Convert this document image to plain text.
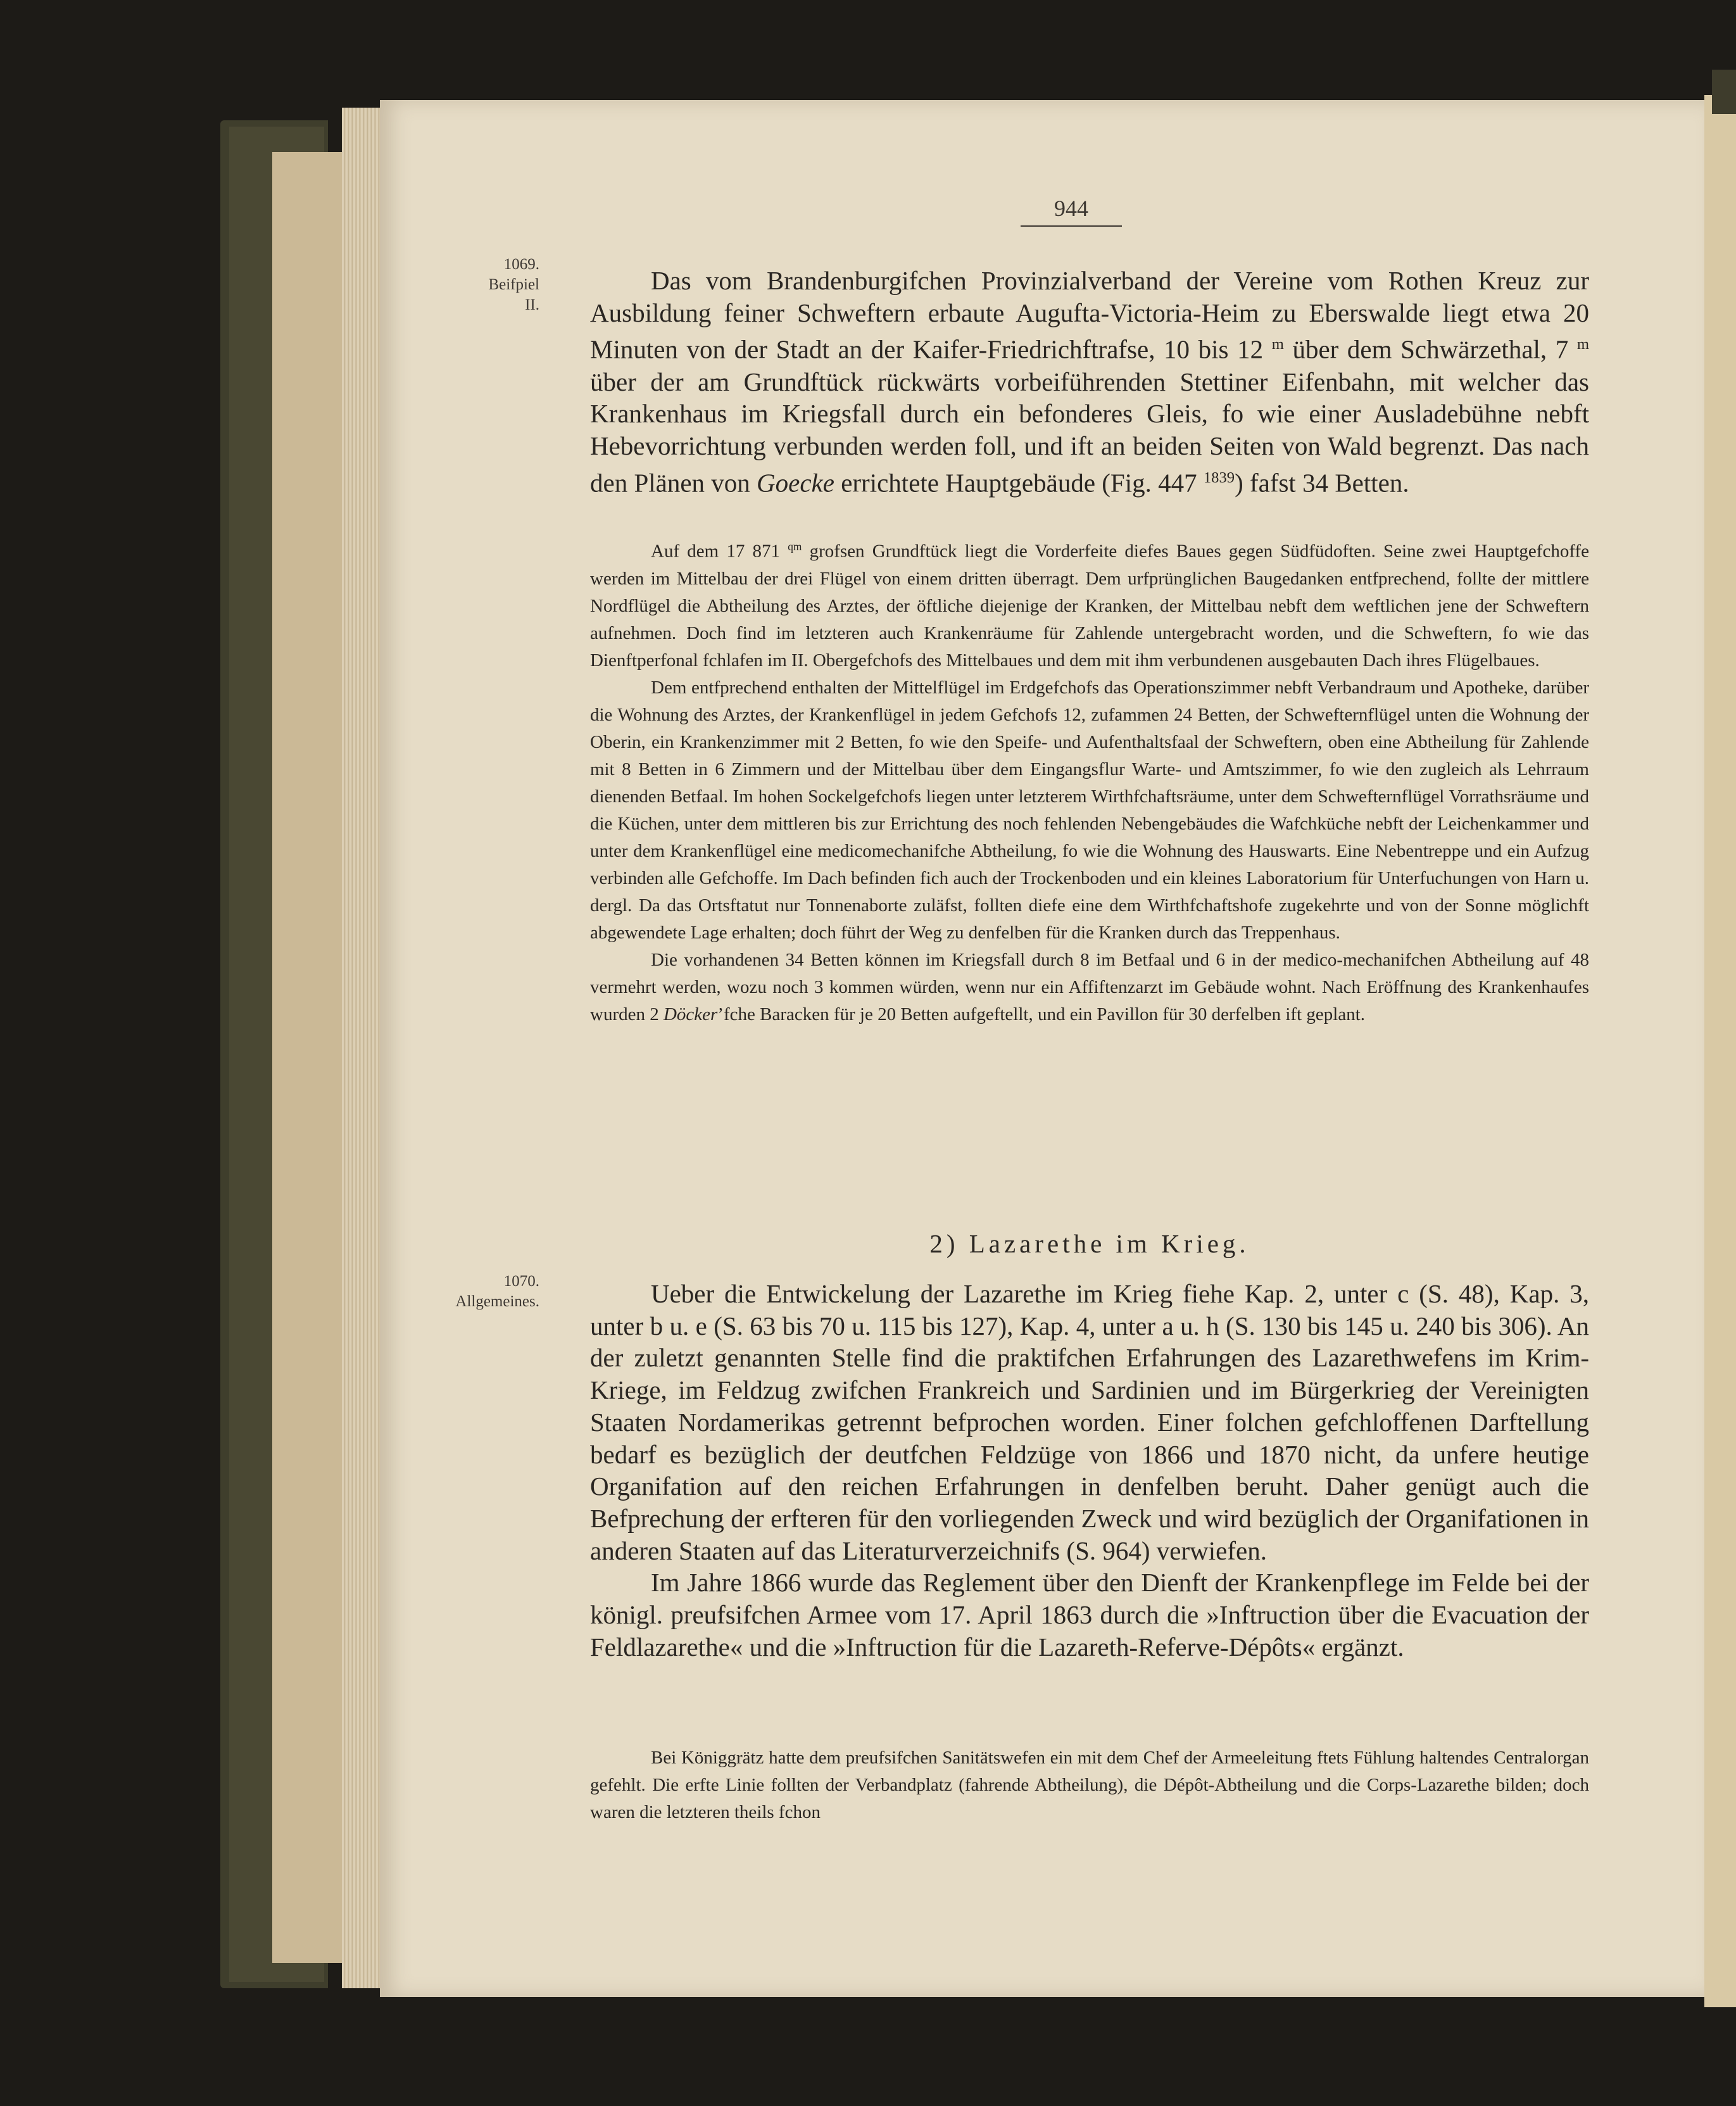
944
1069.
Beifpiel
II.
1070.
Allgemeines.

Das vom Brandenburgifchen Provinzialverband der Vereine vom Rothen Kreuz zur Ausbildung feiner Schweftern erbaute Augufta-Victoria-Heim zu Eberswalde liegt etwa 20 Minuten von der Stadt an der Kaifer-Friedrichftrafse, 10 bis 12 $^m$ über dem Schwärzethal, 7 $^m$ über der am Grundftück rückwärts vorbeiführenden Stettiner Eifenbahn, mit welcher das Krankenhaus im Kriegsfall durch ein befonderes Gleis, fo wie einer Ausladebühne nebft Hebevorrichtung verbunden werden foll, und ift an beiden Seiten von Wald begrenzt. Das nach den Plänen von Goecke errichtete Hauptgebäude (Fig. 447 $^{1839}$) fafst 34 Betten.

Auf dem 17 871 $^{qm}$ grofsen Grundftück liegt die Vorderfeite diefes Baues gegen Südfüdoften. Seine zwei Hauptgefchoffe werden im Mittelbau der drei Flügel von einem dritten überragt. Dem urfprünglichen Baugedanken entfprechend, follte der mittlere Nordflügel die Abtheilung des Arztes, der öftliche diejenige der Kranken, der Mittelbau nebft dem weftlichen jene der Schweftern aufnehmen. Doch find im letzteren auch Krankenräume für Zahlende untergebracht worden, und die Schweftern, fo wie das Dienftperfonal fchlafen im II. Obergefchofs des Mittelbaues und dem mit ihm verbundenen ausgebauten Dach ihres Flügelbaues.

Dem entfprechend enthalten der Mittelflügel im Erdgefchofs das Operationszimmer nebft Verbandraum und Apotheke, darüber die Wohnung des Arztes, der Krankenflügel in jedem Gefchofs 12, zufammen 24 Betten, der Schwefternflügel unten die Wohnung der Oberin, ein Krankenzimmer mit 2 Betten, fo wie den Speife- und Aufenthaltsfaal der Schweftern, oben eine Abtheilung für Zahlende mit 8 Betten in 6 Zimmern und der Mittelbau über dem Eingangsflur Warte- und Amtszimmer, fo wie den zugleich als Lehrraum dienenden Betfaal. Im hohen Sockelgefchofs liegen unter letzterem Wirthfchaftsräume, unter dem Schwefternflügel Vorrathsräume und die Küchen, unter dem mittleren bis zur Errichtung des noch fehlenden Nebengebäudes die Wafchküche nebft der Leichenkammer und unter dem Krankenflügel eine medicomechanifche Abtheilung, fo wie die Wohnung des Hauswarts. Eine Nebentreppe und ein Aufzug verbinden alle Gefchoffe. Im Dach befinden fich auch der Trockenboden und ein kleines Laboratorium für Unterfuchungen von Harn u. dergl. Da das Ortsftatut nur Tonnenaborte zuläfst, follten diefe eine dem Wirthfchaftshofe zugekehrte und von der Sonne möglichft abgewendete Lage erhalten; doch führt der Weg zu denfelben für die Kranken durch das Treppenhaus.

Die vorhandenen 34 Betten können im Kriegsfall durch 8 im Betfaal und 6 in der medico-mechanifchen Abtheilung auf 48 vermehrt werden, wozu noch 3 kommen würden, wenn nur ein Affiftenzarzt im Gebäude wohnt. Nach Eröffnung des Krankenhaufes wurden 2 Döcker’fche Baracken für je 20 Betten aufgeftellt, und ein Pavillon für 30 derfelben ift geplant.

2) Lazarethe im Krieg.

Ueber die Entwickelung der Lazarethe im Krieg fiehe Kap. 2, unter c (S. 48), Kap. 3, unter b u. e (S. 63 bis 70 u. 115 bis 127), Kap. 4, unter a u. h (S. 130 bis 145 u. 240 bis 306). An der zuletzt genannten Stelle find die praktifchen Erfahrungen des Lazarethwefens im Krim-Kriege, im Feldzug zwifchen Frankreich und Sardinien und im Bürgerkrieg der Vereinigten Staaten Nordamerikas getrennt befprochen worden. Einer folchen gefchloffenen Darftellung bedarf es bezüglich der deutfchen Feldzüge von 1866 und 1870 nicht, da unfere heutige Organifation auf den reichen Erfahrungen in denfelben beruht. Daher genügt auch die Befprechung der erfteren für den vorliegenden Zweck und wird bezüglich der Organifationen in anderen Staaten auf das Literaturverzeichnifs (S. 964) verwiefen.

Im Jahre 1866 wurde das Reglement über den Dienft der Krankenpflege im Felde bei der königl. preufsifchen Armee vom 17. April 1863 durch die »Inftruction über die Evacuation der Feldlazarethe« und die »Inftruction für die Lazareth-Referve-Dépôts« ergänzt.

Bei Königgrätz hatte dem preufsifchen Sanitätswefen ein mit dem Chef der Armeeleitung ftets Fühlung haltendes Centralorgan gefehlt. Die erfte Linie follten der Verbandplatz (fahrende Abtheilung), die Dépôt-Abtheilung und die Corps-Lazarethe bilden; doch waren die letzteren theils fchon
